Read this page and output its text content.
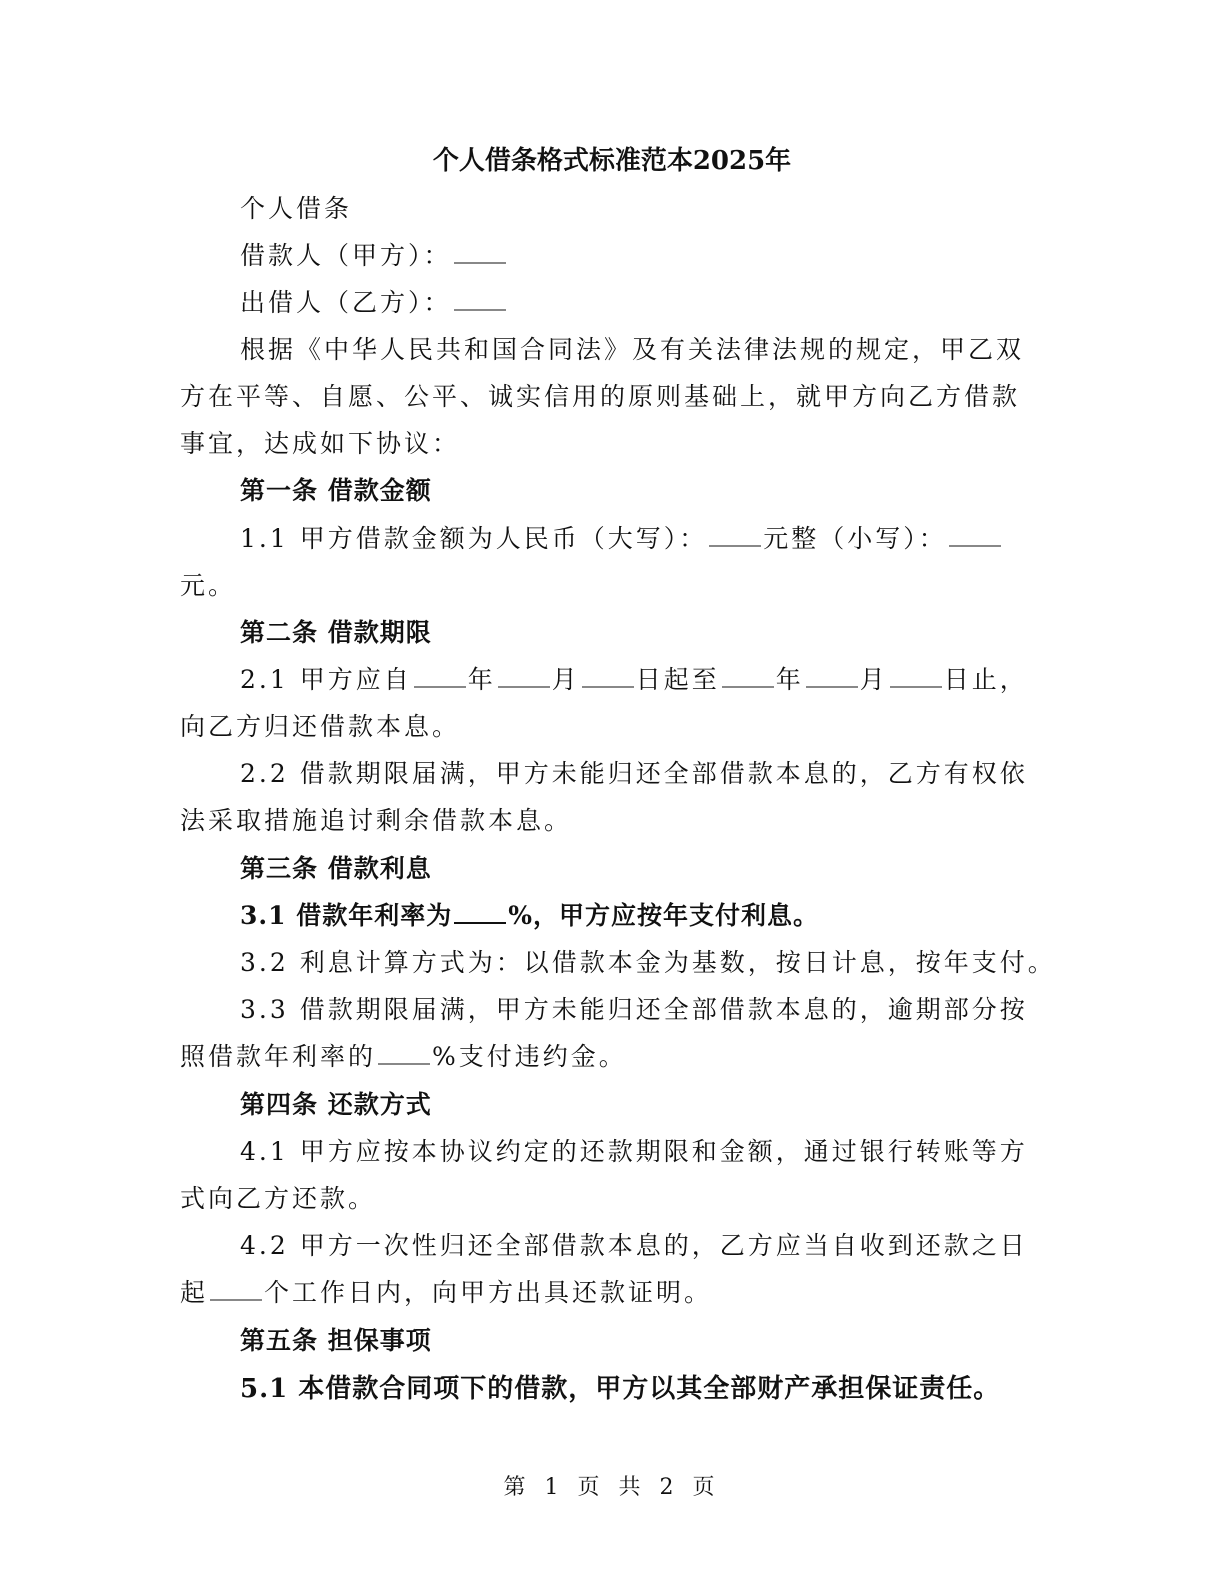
个人借条格式标准范本2025年
个人借条
借款人（甲方）：
出借人（乙方）：
根据《中华人民共和国合同法》及有关法律法规的规定，甲乙双
方在平等、自愿、公平、诚实信用的原则基础上，就甲方向乙方借款
事宜，达成如下协议：
第一条 借款金额
1.1 甲方借款金额为人民币（大写）： 元整（小写）：
元。
第二条 借款期限
2.1 甲方应自 年 月 日起至 年 月 日止，
向乙方归还借款本息。
2.2 借款期限届满，甲方未能归还全部借款本息的，乙方有权依
法采取措施追讨剩余借款本息。
第三条 借款利息
3.1 借款年利率为 %，甲方应按年支付利息。
3.2 利息计算方式为：以借款本金为基数，按日计息，按年支付。
3.3 借款期限届满，甲方未能归还全部借款本息的，逾期部分按
照借款年利率的 %支付违约金。
第四条 还款方式
4.1 甲方应按本协议约定的还款期限和金额，通过银行转账等方
式向乙方还款。
4.2 甲方一次性归还全部借款本息的，乙方应当自收到还款之日
起 个工作日内，向甲方出具还款证明。
第五条 担保事项
5.1 本借款合同项下的借款，甲方以其全部财产承担保证责任。
第 1 页 共 2 页
